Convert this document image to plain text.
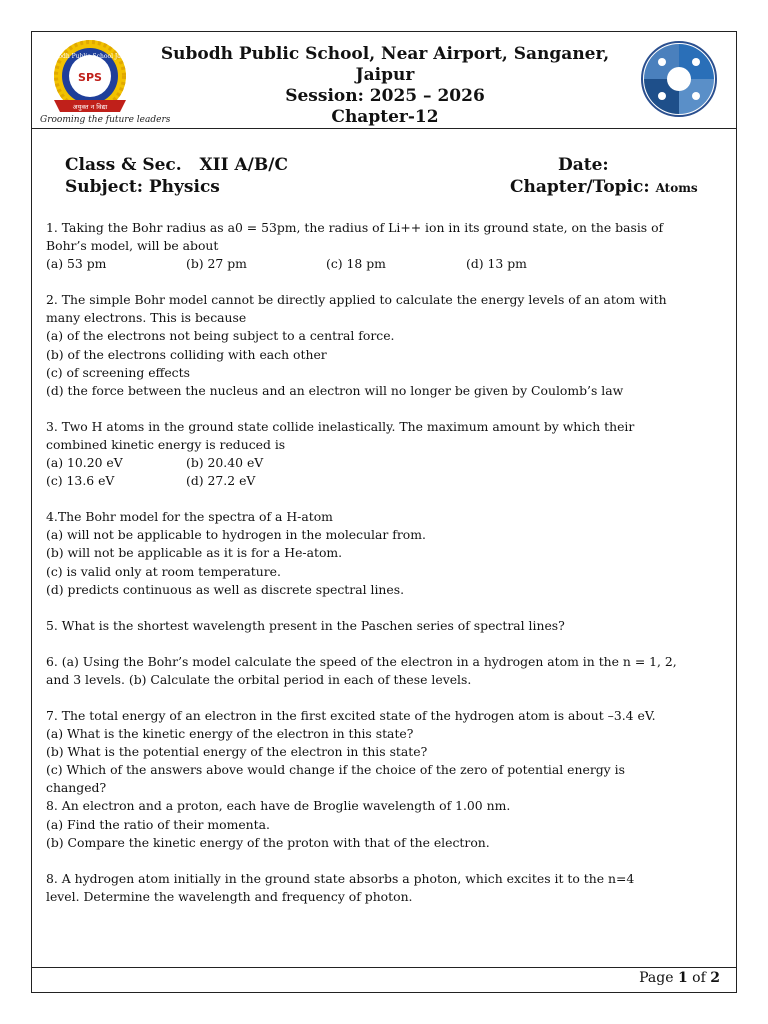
Subodh Public School Jaipur
SPS
अयुक्त न विद्या
Grooming the future leaders
Subodh Public School, Near Airport, Sanganer, Jaipur
Session: 2025 – 2026
Chapter-12
Class & Sec. XII A/B/C
Subject: Physics
Date:
Chapter/Topic: Atoms

1. Taking the Bohr radius as a0 = 53pm, the radius of Li++ ion in its ground state, on the basis of
Bohr’s model, will be about
(a) 53 pm	(b) 27 pm	(c) 18 pm	(d) 13 pm

2. The simple Bohr model cannot be directly applied to calculate the energy levels of an atom with
many electrons. This is because
(a) of the electrons not being subject to a central force.
(b) of the electrons colliding with each other
(c) of screening effects
(d) the force between the nucleus and an electron will no longer be given by Coulomb’s law

3. Two H atoms in the ground state collide inelastically. The maximum amount by which their
combined kinetic energy is reduced is
(a) 10.20 eV	(b) 20.40 eV
(c) 13.6 eV	(d) 27.2 eV

4.The Bohr model for the spectra of a H-atom
(a) will not be applicable to hydrogen in the molecular from.
(b) will not be applicable as it is for a He-atom.
(c) is valid only at room temperature.
(d) predicts continuous as well as discrete spectral lines.

5. What is the shortest wavelength present in the Paschen series of spectral lines?

6. (a) Using the Bohr’s model calculate the speed of the electron in a hydrogen atom in the n = 1, 2,
and 3 levels. (b) Calculate the orbital period in each of these levels.

7. The total energy of an electron in the first excited state of the hydrogen atom is about –3.4 eV.
(a) What is the kinetic energy of the electron in this state?
(b) What is the potential energy of the electron in this state?
(c) Which of the answers above would change if the choice of the zero of potential energy is
changed?

8. An electron and a proton, each have de Broglie wavelength of 1.00 nm.
(a) Find the ratio of their momenta.
(b) Compare the kinetic energy of the proton with that of the electron.

8. A hydrogen atom initially in the ground state absorbs a photon, which excites it to the n=4
level. Determine the wavelength and frequency of photon.

Page 1 of 2
